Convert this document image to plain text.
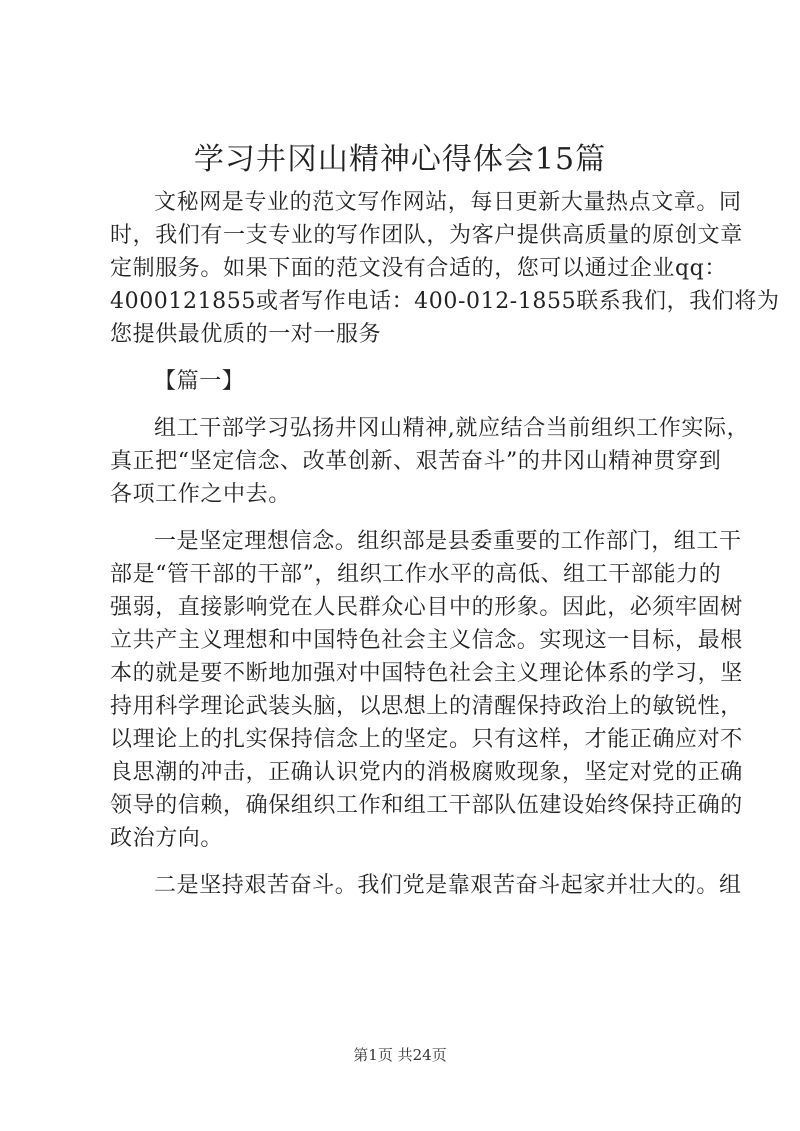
学习井冈山精神心得体会15篇

文秘网是专业的范文写作网站，每日更新大量热点文章。同

时，我们有一支专业的写作团队，为客户提供高质量的原创文章

定制服务。如果下面的范文没有合适的，您可以通过企业qq：

4000121855或者写作电话：400-012-1855联系我们，我们将为

您提供最优质的一对一服务

【篇一】

组工干部学习弘扬井冈山精神,就应结合当前组织工作实际，

真正把“坚定信念、改革创新、艰苦奋斗”的井冈山精神贯穿到

各项工作之中去。

一是坚定理想信念。组织部是县委重要的工作部门，组工干

部是“管干部的干部”，组织工作水平的高低、组工干部能力的

强弱，直接影响党在人民群众心目中的形象。因此，必须牢固树

立共产主义理想和中国特色社会主义信念。实现这一目标，最根

本的就是要不断地加强对中国特色社会主义理论体系的学习，坚

持用科学理论武装头脑，以思想上的清醒保持政治上的敏锐性，

以理论上的扎实保持信念上的坚定。只有这样，才能正确应对不

良思潮的冲击，正确认识党内的消极腐败现象，坚定对党的正确

领导的信赖，确保组织工作和组工干部队伍建设始终保持正确的

政治方向。

二是坚持艰苦奋斗。我们党是靠艰苦奋斗起家并壮大的。组

第1页 共24页
